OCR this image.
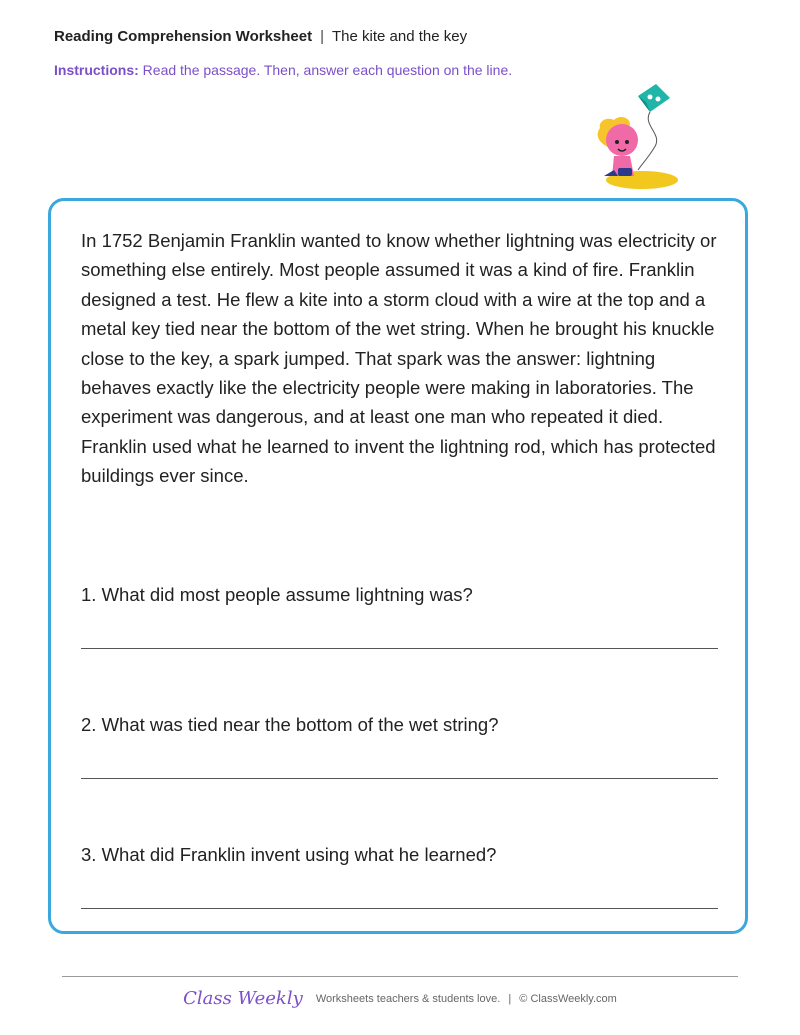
Reading Comprehension Worksheet | The kite and the key
Instructions: Read the passage. Then, answer each question on the line.
In 1752 Benjamin Franklin wanted to know whether lightning was electricity or something else entirely. Most people assumed it was a kind of fire. Franklin designed a test. He flew a kite into a storm cloud with a wire at the top and a metal key tied near the bottom of the wet string. When he brought his knuckle close to the key, a spark jumped. That spark was the answer: lightning behaves exactly like the electricity people were making in laboratories. The experiment was dangerous, and at least one man who repeated it died. Franklin used what he learned to invent the lightning rod, which has protected buildings ever since.
1. What did most people assume lightning was?
2. What was tied near the bottom of the wet string?
3. What did Franklin invent using what he learned?
Class Weekly Worksheets teachers & students love. | © ClassWeekly.com
